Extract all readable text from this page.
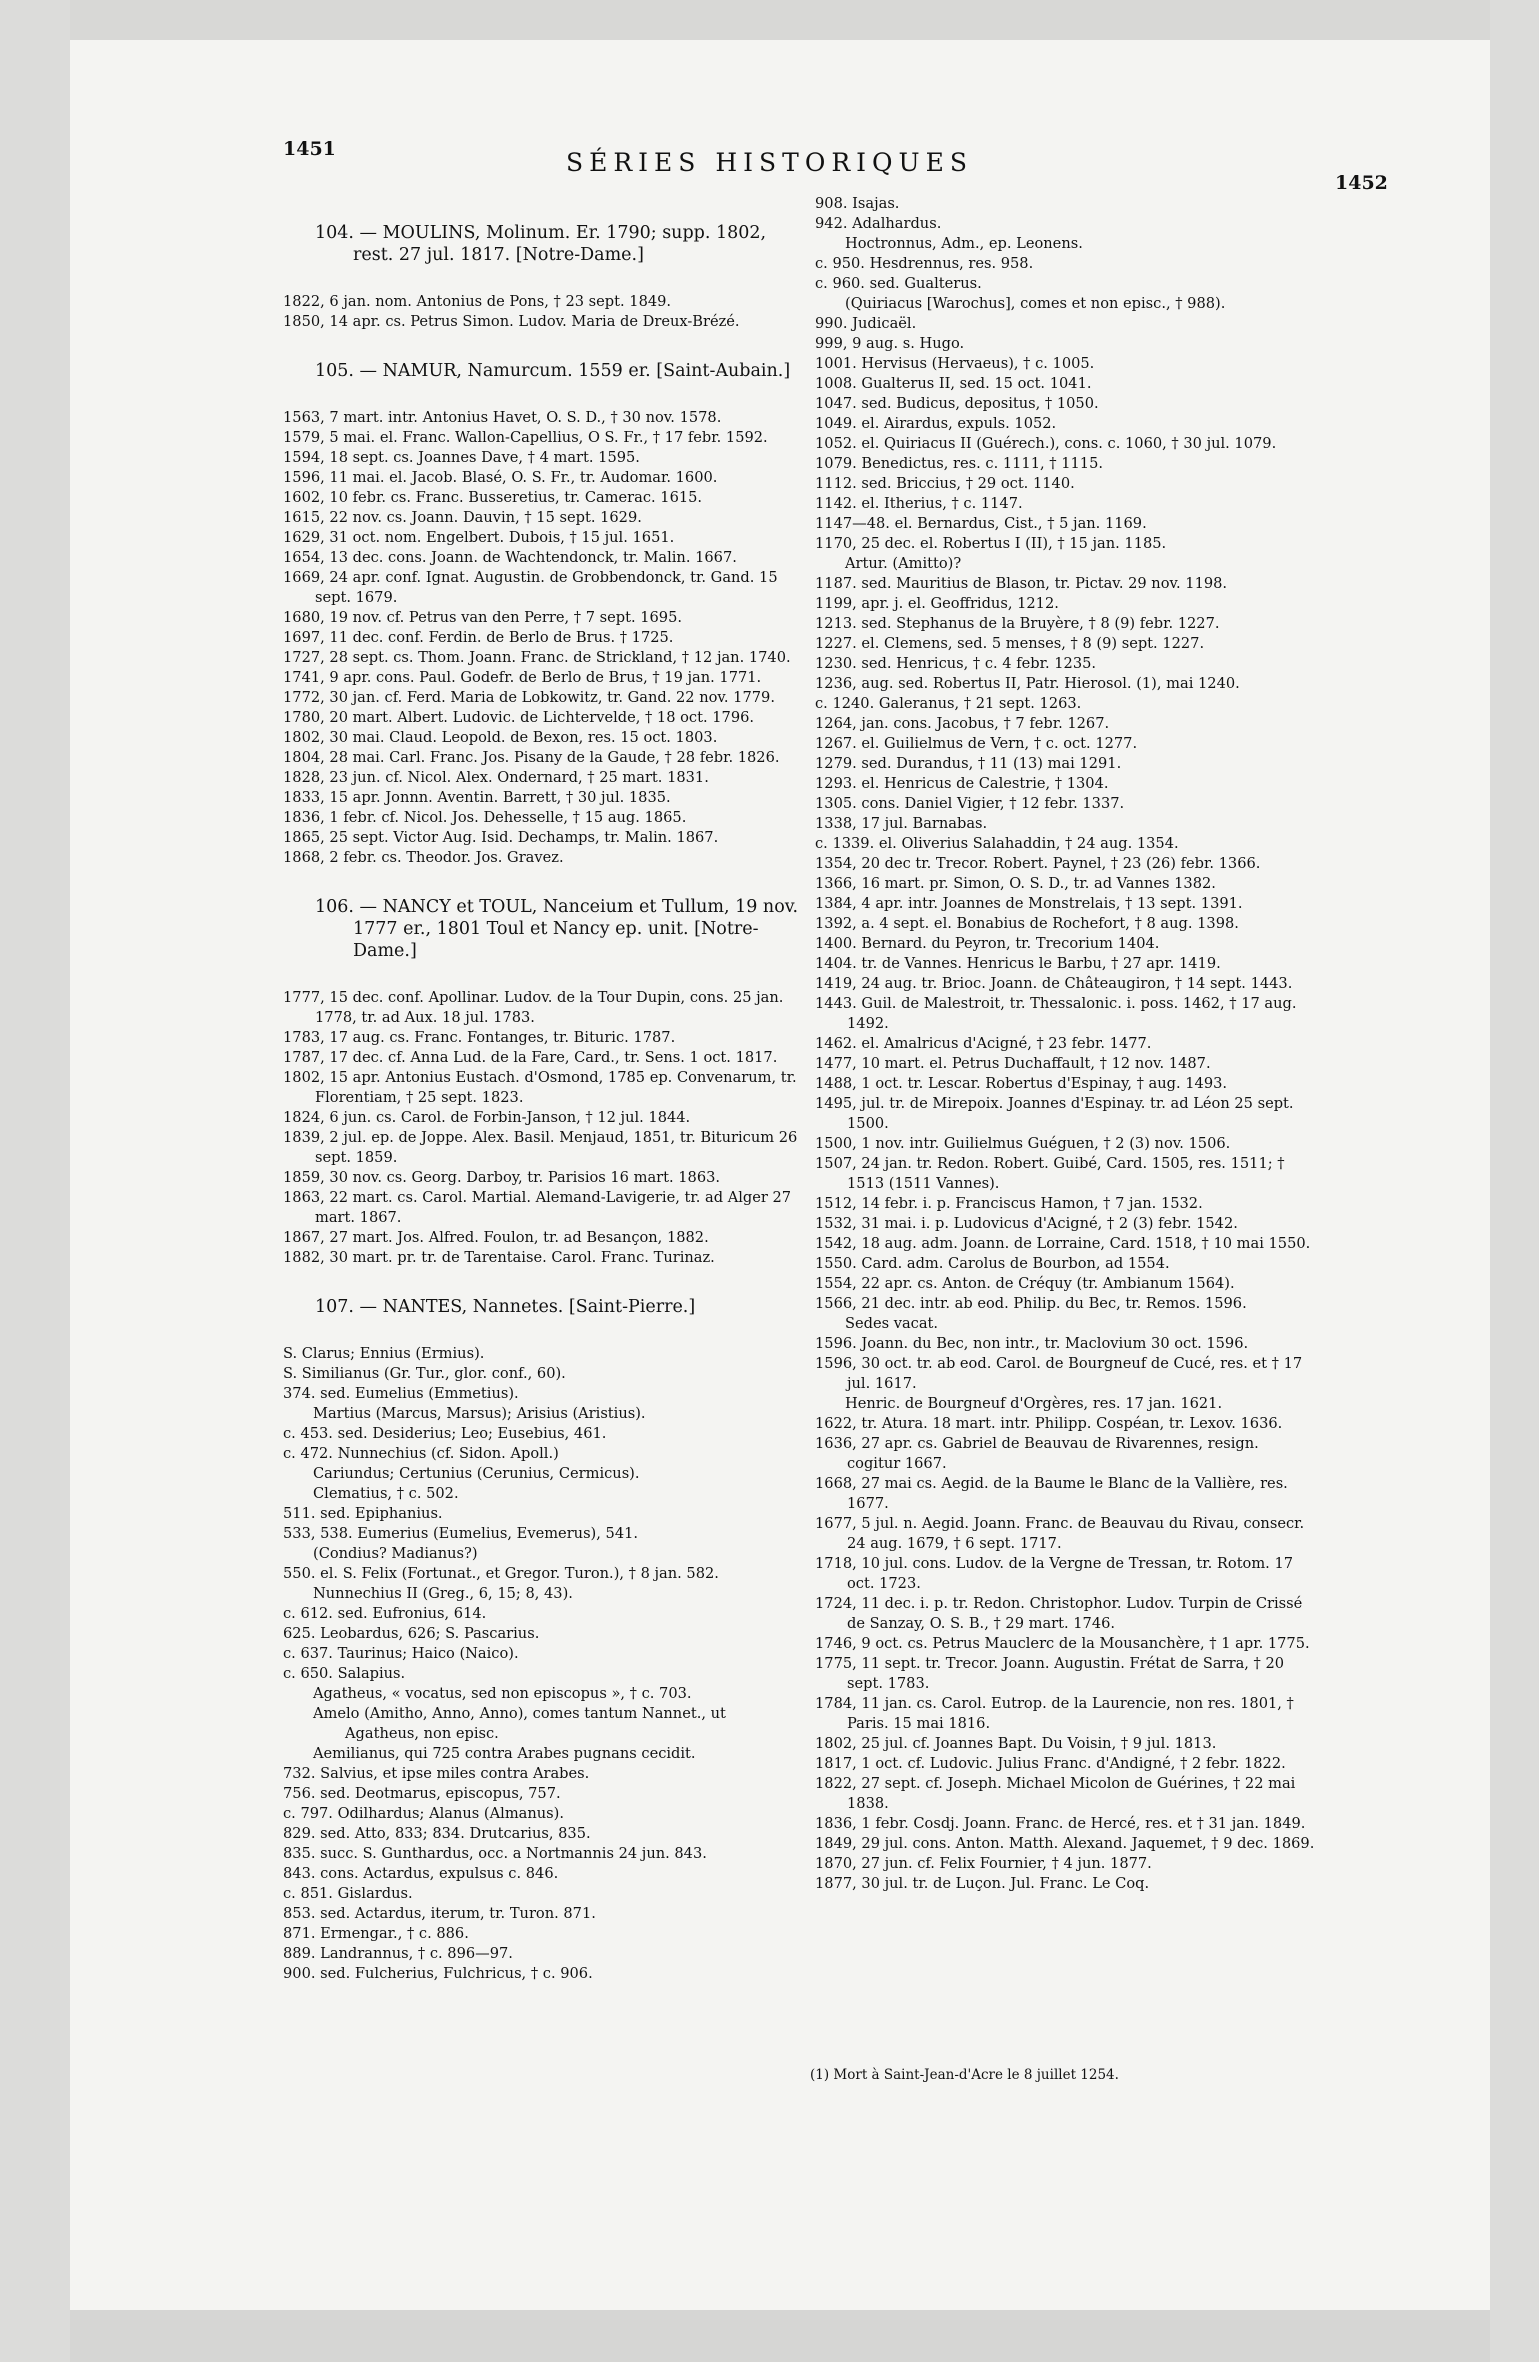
1451	SÉRIES HISTORIQUES
1452
104. — MOULINS, Molinum. Er. 1790; supp. 1802, rest. 27 jul. 1817. [Notre-Dame.]
1822, 6 jan. nom. Antonius de Pons, † 23 sept. 1849.
1850, 14 apr. cs. Petrus Simon. Ludov. Maria de Dreux-Brézé.
105. — NAMUR, Namurcum. 1559 er. [Saint-Aubain.]
1563, 7 mart. intr. Antonius Havet, O. S. D., † 30 nov. 1578.
1579, 5 mai. el. Franc. Wallon-Capellius, O S. Fr., † 17 febr. 1592.
1594, 18 sept. cs. Joannes Dave, † 4 mart. 1595.
1596, 11 mai. el. Jacob. Blasé, O. S. Fr., tr. Audomar. 1600.
1602, 10 febr. cs. Franc. Busseretius, tr. Camerac. 1615.
1615, 22 nov. cs. Joann. Dauvin, † 15 sept. 1629.
1629, 31 oct. nom. Engelbert. Dubois, † 15 jul. 1651.
1654, 13 dec. cons. Joann. de Wachtendonck, tr. Malin. 1667.
1669, 24 apr. conf. Ignat. Augustin. de Grobbendonck, tr. Gand. 15 sept. 1679.
1680, 19 nov. cf. Petrus van den Perre, † 7 sept. 1695.
1697, 11 dec. conf. Ferdin. de Berlo de Brus. † 1725.
1727, 28 sept. cs. Thom. Joann. Franc. de Strickland, † 12 jan. 1740.
1741, 9 apr. cons. Paul. Godefr. de Berlo de Brus, † 19 jan. 1771.
1772, 30 jan. cf. Ferd. Maria de Lobkowitz, tr. Gand. 22 nov. 1779.
1780, 20 mart. Albert. Ludovic. de Lichtervelde, † 18 oct. 1796.
1802, 30 mai. Claud. Leopold. de Bexon, res. 15 oct. 1803.
1804, 28 mai. Carl. Franc. Jos. Pisany de la Gaude, † 28 febr. 1826.
1828, 23 jun. cf. Nicol. Alex. Ondernard, † 25 mart. 1831.
1833, 15 apr. Jonnn. Aventin. Barrett, † 30 jul. 1835.
1836, 1 febr. cf. Nicol. Jos. Dehesselle, † 15 aug. 1865.
1865, 25 sept. Victor Aug. Isid. Dechamps, tr. Malin. 1867.
1868, 2 febr. cs. Theodor. Jos. Gravez.
106. — NANCY et TOUL, Nanceium et Tullum, 19 nov. 1777 er., 1801 Toul et Nancy ep. unit. [Notre-Dame.]
1777, 15 dec. conf. Apollinar. Ludov. de la Tour Dupin, cons. 25 jan. 1778, tr. ad Aux. 18 jul. 1783.
1783, 17 aug. cs. Franc. Fontanges, tr. Bituric. 1787.
1787, 17 dec. cf. Anna Lud. de la Fare, Card., tr. Sens. 1 oct. 1817.
1802, 15 apr. Antonius Eustach. d'Osmond, 1785 ep. Convenarum, tr. Florentiam, † 25 sept. 1823.
1824, 6 jun. cs. Carol. de Forbin-Janson, † 12 jul. 1844.
1839, 2 jul. ep. de Joppe. Alex. Basil. Menjaud, 1851, tr. Bituricum 26 sept. 1859.
1859, 30 nov. cs. Georg. Darboy, tr. Parisios 16 mart. 1863.
1863, 22 mart. cs. Carol. Martial. Alemand-Lavigerie, tr. ad Alger 27 mart. 1867.
1867, 27 mart. Jos. Alfred. Foulon, tr. ad Besançon, 1882.
1882, 30 mart. pr. tr. de Tarentaise. Carol. Franc. Turinaz.
107. — NANTES, Nannetes. [Saint-Pierre.]
S. Clarus; Ennius (Ermius).
S. Similianus (Gr. Tur., glor. conf., 60).
374. sed. Eumelius (Emmetius).
Martius (Marcus, Marsus); Arisius (Aristius).
c. 453. sed. Desiderius; Leo; Eusebius, 461.
c. 472. Nunnechius (cf. Sidon. Apoll.)
Cariundus; Certunius (Cerunius, Cermicus).
Clematius, † c. 502.
511. sed. Epiphanius.
533, 538. Eumerius (Eumelius, Evemerus), 541.
(Condius? Madianus?)
550. el. S. Felix (Fortunat., et Gregor. Turon.), † 8 jan. 582.
Nunnechius II (Greg., 6, 15; 8, 43).
c. 612. sed. Eufronius, 614.
625. Leobardus, 626; S. Pascarius.
c. 637. Taurinus; Haico (Naico).
c. 650. Salapius.
Agatheus, « vocatus, sed non episcopus », † c. 703.
Amelo (Amitho, Anno, Anno), comes tantum Nannet., ut Agatheus, non episc.
Aemilianus, qui 725 contra Arabes pugnans cecidit.
732. Salvius, et ipse miles contra Arabes.
756. sed. Deotmarus, episcopus, 757.
c. 797. Odilhardus; Alanus (Almanus).
829. sed. Atto, 833; 834. Drutcarius, 835.
835. succ. S. Gunthardus, occ. a Nortmannis 24 jun. 843.
843. cons. Actardus, expulsus c. 846.
c. 851. Gislardus.
853. sed. Actardus, iterum, tr. Turon. 871.
871. Ermengar., † c. 886.
889. Landrannus, † c. 896—97.
900. sed. Fulcherius, Fulchricus, † c. 906.
908. Isajas.
942. Adalhardus.
Hoctronnus, Adm., ep. Leonens.
c. 950. Hesdrennus, res. 958.
c. 960. sed. Gualterus.
(Quiriacus [Warochus], comes et non episc., † 988).
990. Judicaël.
999, 9 aug. s. Hugo.
1001. Hervisus (Hervaeus), † c. 1005.
1008. Gualterus II, sed. 15 oct. 1041.
1047. sed. Budicus, depositus, † 1050.
1049. el. Airardus, expuls. 1052.
1052. el. Quiriacus II (Guérech.), cons. c. 1060, † 30 jul. 1079.
1079. Benedictus, res. c. 1111, † 1115.
1112. sed. Briccius, † 29 oct. 1140.
1142. el. Itherius, † c. 1147.
1147—48. el. Bernardus, Cist., † 5 jan. 1169.
1170, 25 dec. el. Robertus I (II), † 15 jan. 1185.
Artur. (Amitto)?
1187. sed. Mauritius de Blason, tr. Pictav. 29 nov. 1198.
1199, apr. j. el. Geoffridus, 1212.
1213. sed. Stephanus de la Bruyère, † 8 (9) febr. 1227.
1227. el. Clemens, sed. 5 menses, † 8 (9) sept. 1227.
1230. sed. Henricus, † c. 4 febr. 1235.
1236, aug. sed. Robertus II, Patr. Hierosol. (1), mai 1240.
c. 1240. Galeranus, † 21 sept. 1263.
1264, jan. cons. Jacobus, † 7 febr. 1267.
1267. el. Guilielmus de Vern, † c. oct. 1277.
1279. sed. Durandus, † 11 (13) mai 1291.
1293. el. Henricus de Calestrie, † 1304.
1305. cons. Daniel Vigier, † 12 febr. 1337.
1338, 17 jul. Barnabas.
c. 1339. el. Oliverius Salahaddin, † 24 aug. 1354.
1354, 20 dec tr. Trecor. Robert. Paynel, † 23 (26) febr. 1366.
1366, 16 mart. pr. Simon, O. S. D., tr. ad Vannes 1382.
1384, 4 apr. intr. Joannes de Monstrelais, † 13 sept. 1391.
1392, a. 4 sept. el. Bonabius de Rochefort, † 8 aug. 1398.
1400. Bernard. du Peyron, tr. Trecorium 1404.
1404. tr. de Vannes. Henricus le Barbu, † 27 apr. 1419.
1419, 24 aug. tr. Brioc. Joann. de Châteaugiron, † 14 sept. 1443.
1443. Guil. de Malestroit, tr. Thessalonic. i. poss. 1462, † 17 aug. 1492.
1462. el. Amalricus d'Acigné, † 23 febr. 1477.
1477, 10 mart. el. Petrus Duchaffault, † 12 nov. 1487.
1488, 1 oct. tr. Lescar. Robertus d'Espinay, † aug. 1493.
1495, jul. tr. de Mirepoix. Joannes d'Espinay. tr. ad Léon 25 sept. 1500.
1500, 1 nov. intr. Guilielmus Guéguen, † 2 (3) nov. 1506.
1507, 24 jan. tr. Redon. Robert. Guibé, Card. 1505, res. 1511; † 1513 (1511 Vannes).
1512, 14 febr. i. p. Franciscus Hamon, † 7 jan. 1532.
1532, 31 mai. i. p. Ludovicus d'Acigné, † 2 (3) febr. 1542.
1542, 18 aug. adm. Joann. de Lorraine, Card. 1518, † 10 mai 1550.
1550. Card. adm. Carolus de Bourbon, ad 1554.
1554, 22 apr. cs. Anton. de Créquy (tr. Ambianum 1564).
1566, 21 dec. intr. ab eod. Philip. du Bec, tr. Remos. 1596.
Sedes vacat.
1596. Joann. du Bec, non intr., tr. Maclovium 30 oct. 1596.
1596, 30 oct. tr. ab eod. Carol. de Bourgneuf de Cucé, res. et † 17 jul. 1617.
Henric. de Bourgneuf d'Orgères, res. 17 jan. 1621.
1622, tr. Atura. 18 mart. intr. Philipp. Cospéan, tr. Lexov. 1636.
1636, 27 apr. cs. Gabriel de Beauvau de Rivarennes, resign. cogitur 1667.
1668, 27 mai cs. Aegid. de la Baume le Blanc de la Vallière, res. 1677.
1677, 5 jul. n. Aegid. Joann. Franc. de Beauvau du Rivau, consecr. 24 aug. 1679, † 6 sept. 1717.
1718, 10 jul. cons. Ludov. de la Vergne de Tressan, tr. Rotom. 17 oct. 1723.
1724, 11 dec. i. p. tr. Redon. Christophor. Ludov. Turpin de Crissé de Sanzay, O. S. B., † 29 mart. 1746.
1746, 9 oct. cs. Petrus Mauclerc de la Mousanchère, † 1 apr. 1775.
1775, 11 sept. tr. Trecor. Joann. Augustin. Frétat de Sarra, † 20 sept. 1783.
1784, 11 jan. cs. Carol. Eutrop. de la Laurencie, non res. 1801, † Paris. 15 mai 1816.
1802, 25 jul. cf. Joannes Bapt. Du Voisin, † 9 jul. 1813.
1817, 1 oct. cf. Ludovic. Julius Franc. d'Andigné, † 2 febr. 1822.
1822, 27 sept. cf. Joseph. Michael Micolon de Guérines, † 22 mai 1838.
1836, 1 febr. Cosdj. Joann. Franc. de Hercé, res. et † 31 jan. 1849.
1849, 29 jul. cons. Anton. Matth. Alexand. Jaquemet, † 9 dec. 1869.
1870, 27 jun. cf. Felix Fournier, † 4 jun. 1877.
1877, 30 jul. tr. de Luçon. Jul. Franc. Le Coq.
(1) Mort à Saint-Jean-d'Acre le 8 juillet 1254.
